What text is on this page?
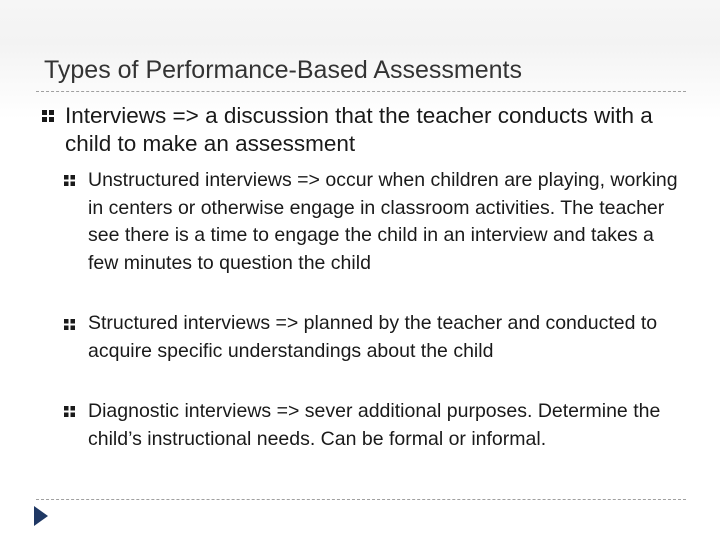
Types of Performance-Based Assessments
Interviews => a discussion that the teacher conducts with a child to make an assessment
Unstructured interviews => occur when children are playing, working in centers or otherwise engage in classroom activities. The teacher see there is a time to engage the child in an interview and takes a few minutes to question the child
Structured interviews => planned by the teacher and conducted to acquire specific understandings about the child
Diagnostic interviews => sever additional purposes. Determine the child’s instructional needs. Can be formal or informal.
